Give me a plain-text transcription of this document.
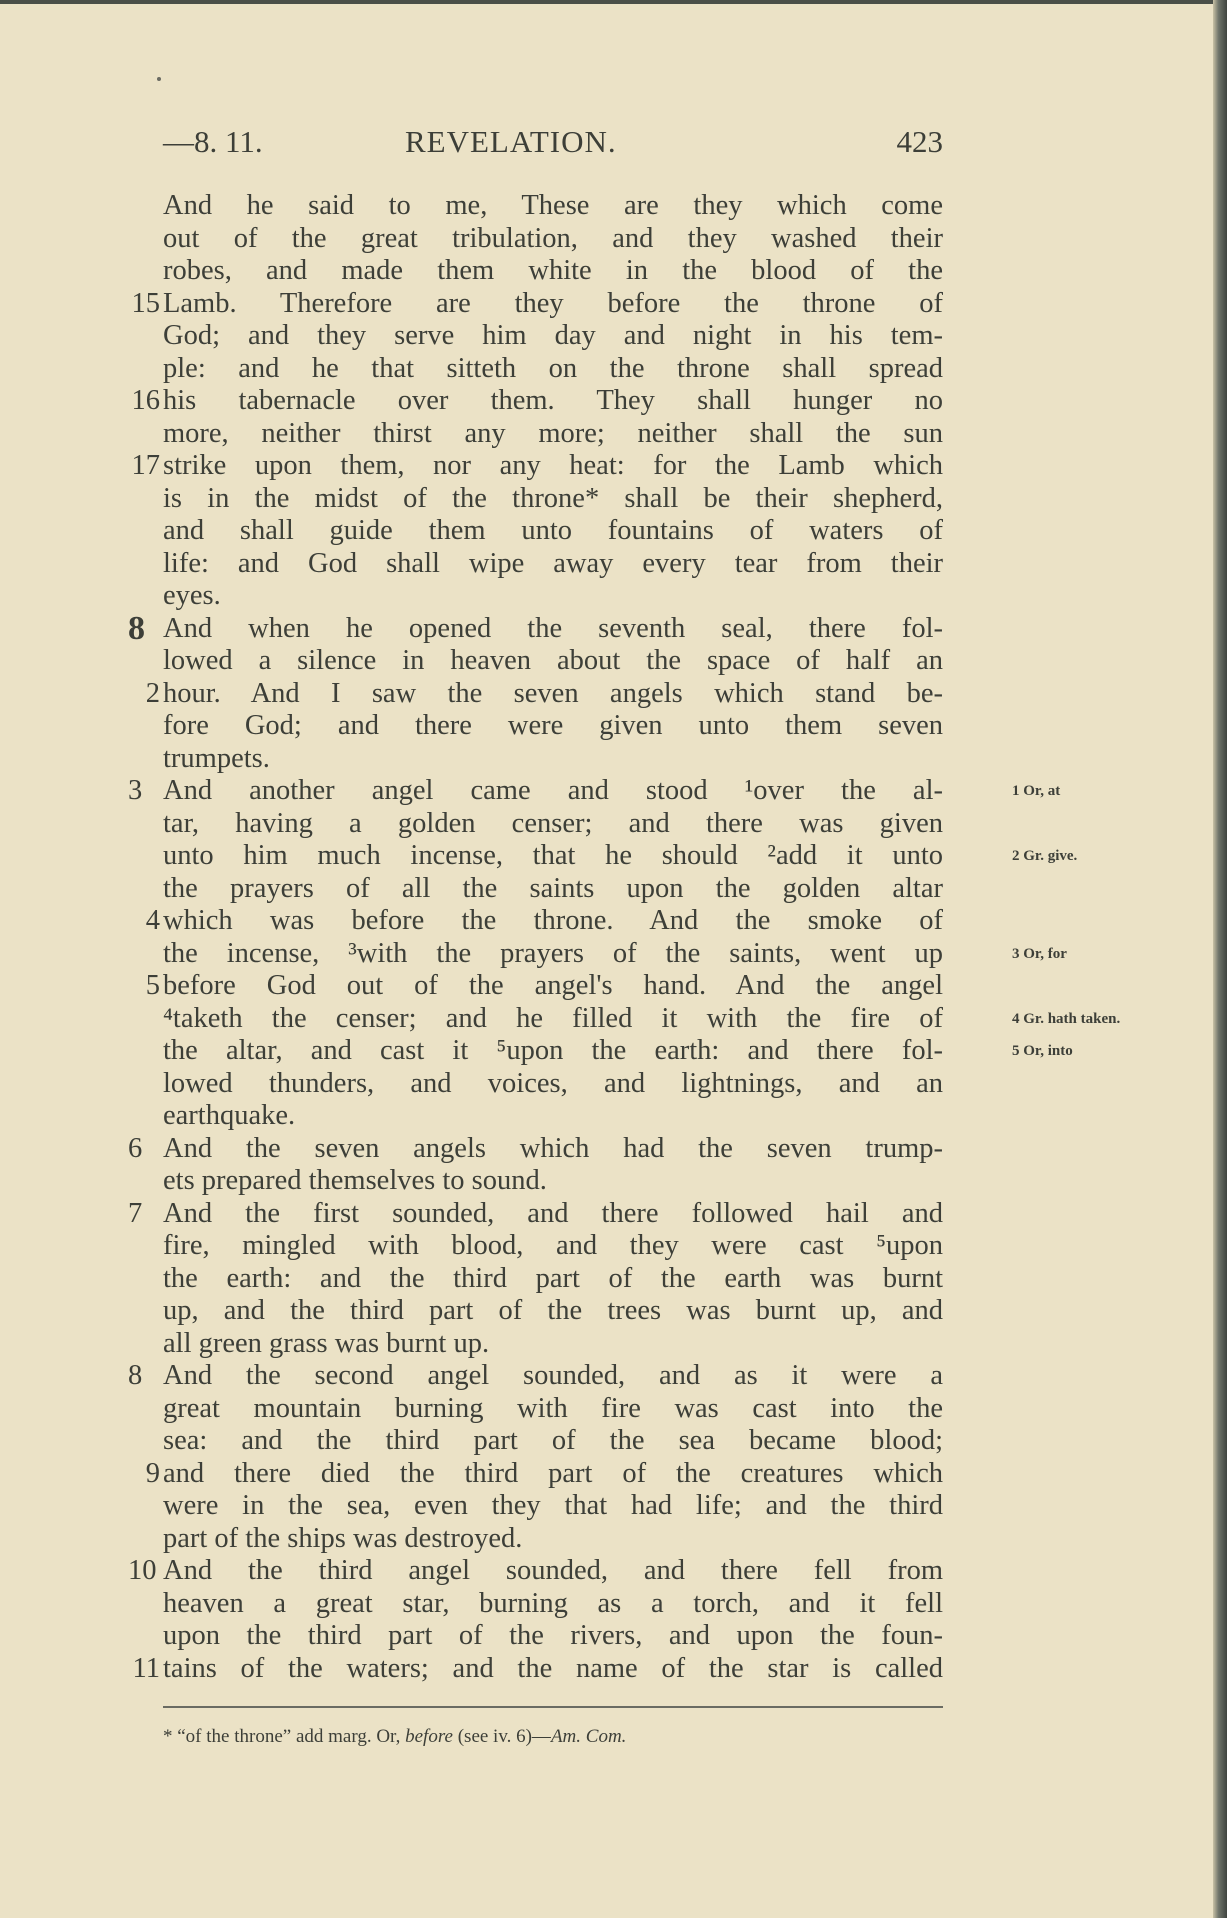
—8. 11.	REVELATION.	423
And he said to me, These are they which come
out of the great tribulation, and they washed their
robes, and made them white in the blood of the
15 Lamb. Therefore are they before the throne of
God; and they serve him day and night in his tem-
ple: and he that sitteth on the throne shall spread
16 his tabernacle over them. They shall hunger no
more, neither thirst any more; neither shall the sun
17 strike upon them, nor any heat: for the Lamb which
is in the midst of the throne* shall be their shepherd,
and shall guide them unto fountains of waters of
life: and God shall wipe away every tear from their
eyes.
8 And when he opened the seventh seal, there fol-
lowed a silence in heaven about the space of half an
2 hour. And I saw the seven angels which stand be-
fore God; and there were given unto them seven
trumpets.
3 And another angel came and stood ¹over the al-	1 Or, at
tar, having a golden censer; and there was given
unto him much incense, that he should ²add it unto	2 Gr. give.
the prayers of all the saints upon the golden altar
4 which was before the throne. And the smoke of
the incense, ³with the prayers of the saints, went up	3 Or, for
5 before God out of the angel's hand. And the angel
⁴taketh the censer; and he filled it with the fire of	4 Gr. hath taken.
the altar, and cast it ⁵upon the earth: and there fol-	5 Or, into
lowed thunders, and voices, and lightnings, and an
earthquake.
6 And the seven angels which had the seven trump-
ets prepared themselves to sound.
7 And the first sounded, and there followed hail and
fire, mingled with blood, and they were cast ⁵upon
the earth: and the third part of the earth was burnt
up, and the third part of the trees was burnt up, and
all green grass was burnt up.
8 And the second angel sounded, and as it were a
great mountain burning with fire was cast into the
sea: and the third part of the sea became blood;
9 and there died the third part of the creatures which
were in the sea, even they that had life; and the third
part of the ships was destroyed.
10 And the third angel sounded, and there fell from
heaven a great star, burning as a torch, and it fell
upon the third part of the rivers, and upon the foun-
11 tains of the waters; and the name of the star is called
* “of the throne” add marg. Or, before (see iv. 6)—Am. Com.
